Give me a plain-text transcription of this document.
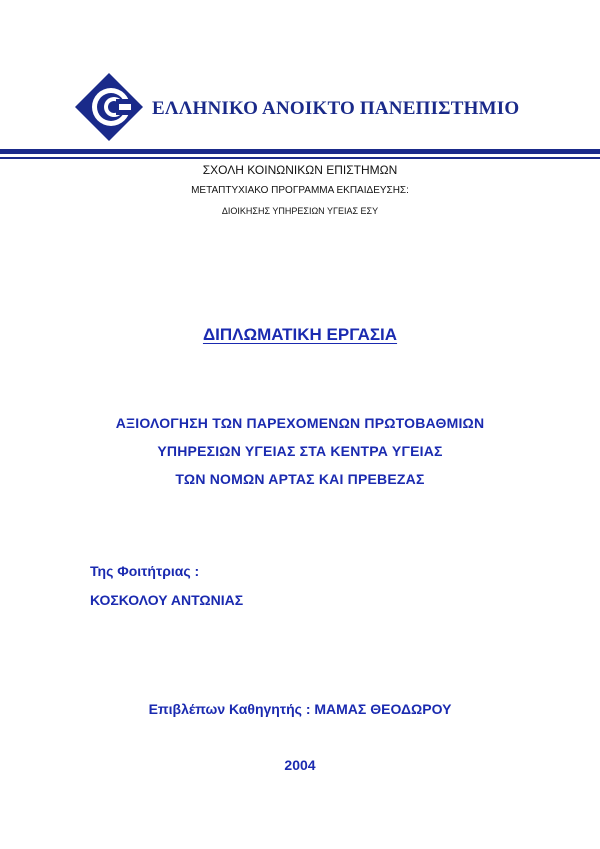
ΕΛΛΗΝΙΚΟ ΑΝΟΙΚΤΟ ΠΑΝΕΠΙΣΤΗΜΙΟ
ΣΧΟΛΗ ΚΟΙΝΩΝΙΚΩΝ ΕΠΙΣΤΗΜΩΝ
ΜΕΤΑΠΤΥΧΙΑΚΟ ΠΡΟΓΡΑΜΜΑ ΕΚΠΑΙΔΕΥΣΗΣ:
ΔΙΟΙΚΗΣΗΣ ΥΠΗΡΕΣΙΩΝ ΥΓΕΙΑΣ ΕΣΥ
ΔΙΠΛΩΜΑΤΙΚΗ ΕΡΓΑΣΙΑ
ΑΞΙΟΛΟΓΗΣΗ ΤΩΝ ΠΑΡΕΧΟΜΕΝΩΝ ΠΡΩΤΟΒΑΘΜΙΩΝ
ΥΠΗΡΕΣΙΩΝ ΥΓΕΙΑΣ ΣΤΑ ΚΕΝΤΡΑ ΥΓΕΙΑΣ
ΤΩΝ ΝΟΜΩΝ ΑΡΤΑΣ ΚΑΙ ΠΡΕΒΕΖΑΣ
Της Φοιτήτριας :
ΚΟΣΚΟΛΟΥ ΑΝΤΩΝΙΑΣ
Επιβλέπων Καθηγητής : ΜΑΜΑΣ ΘΕΟΔΩΡΟΥ
2004
